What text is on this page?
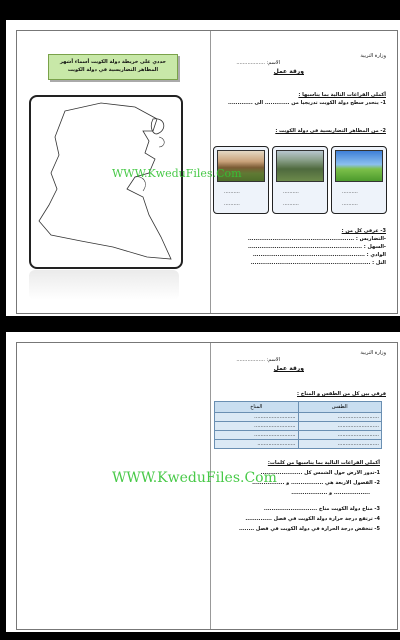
حددي على خريطة دولة الكويت أسماء أشهر
المظاهر التضاريسية في دولة الكويت
وزارة التربية
الاسم: ..................
ورقة عمل
أكملي الفراغات التالية بما يناسبها :
1- ينحدر سطح دولة الكويت تدريجيا من ............. الى .............
2- من المظاهر التضاريسية في دولة الكويت :
..........
..........
..........
..........
..........
..........
3- عرفي كل من :
-التضاريس : ........................................................
-السهل : ............................................................
الوادي : ...........................................................
التل : ...............................................................
WWW.KweduFiles.Com
وزارة التربية
الاسم: ..................
ورقة عمل
فرقي بين كل من الطقس و المناخ :
المناخ	الطقس
..........................	..........................
..........................	..........................
..........................	..........................
........................	..........................
أكملي الفراغات التالية بما يناسبها من كلمات:
1-تدور الارض حول الشمس كل ......................
2- الفصول الاربعة هي ................. و .................
................... و ...................
3- مناخ دولة الكويت مناخ ............................
4- ترتفع درجة حرارة دولة الكويت في فصل ..............
5- تنخفض درجة الحرارة في دولة الكويت في فصل ........
WWW.KweduFiles.Com
